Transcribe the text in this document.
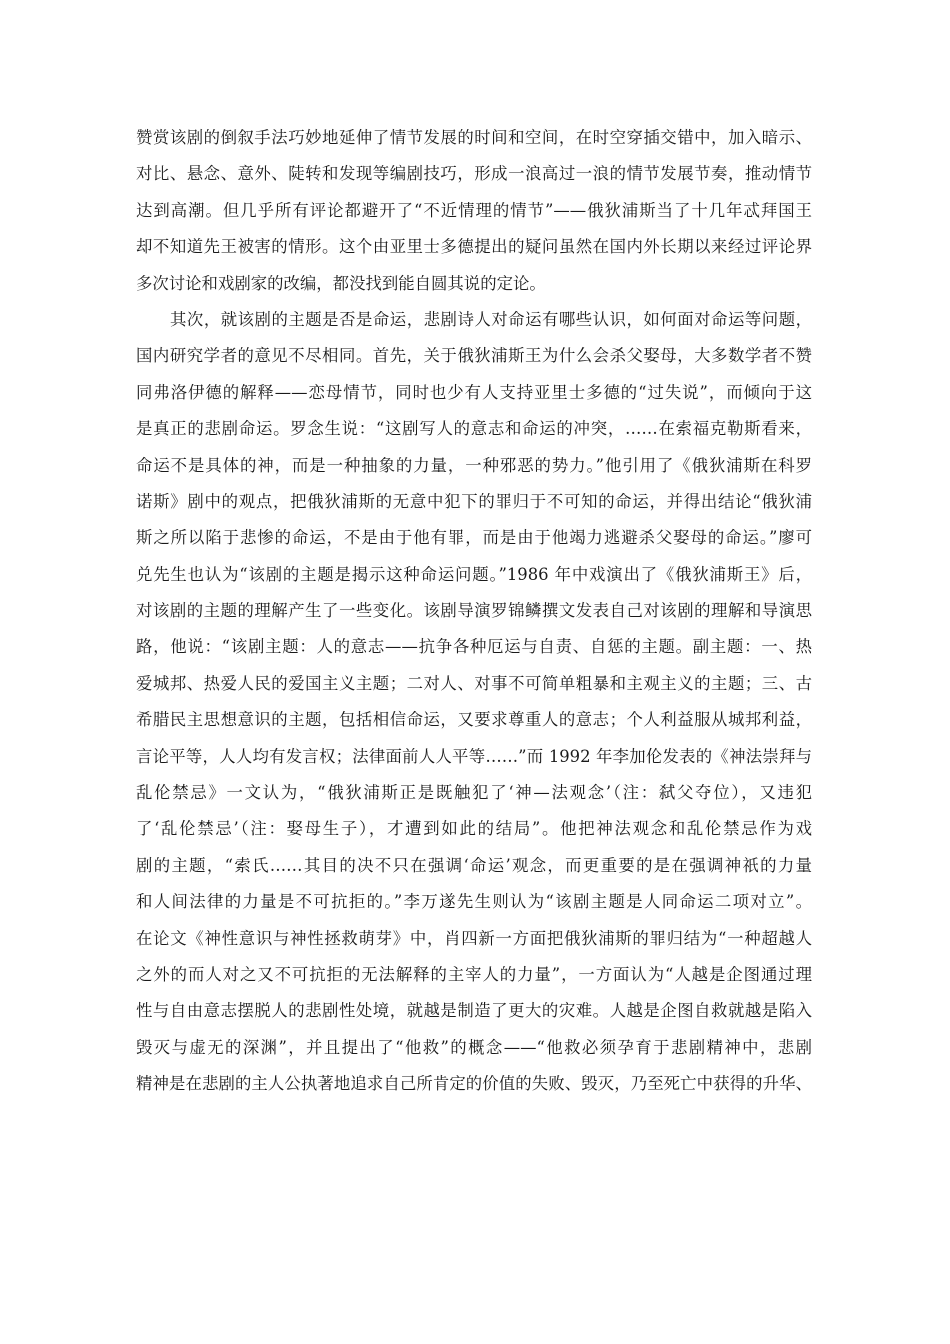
赞赏该剧的倒叙手法巧妙地延伸了情节发展的时间和空间，在时空穿插交错中，加入暗示、
对比、悬念、意外、陡转和发现等编剧技巧，形成一浪高过一浪的情节发展节奏，推动情节
达到高潮。但几乎所有评论都避开了“不近情理的情节”——俄狄浦斯当了十几年忒拜国王
却不知道先王被害的情形。这个由亚里士多德提出的疑问虽然在国内外长期以来经过评论界
多次讨论和戏剧家的改编，都没找到能自圆其说的定论。
其次，就该剧的主题是否是命运，悲剧诗人对命运有哪些认识，如何面对命运等问题，
国内研究学者的意见不尽相同。首先，关于俄狄浦斯王为什么会杀父娶母，大多数学者不赞
同弗洛伊德的解释——恋母情节，同时也少有人支持亚里士多德的“过失说”，而倾向于这
是真正的悲剧命运。罗念生说：“这剧写人的意志和命运的冲突，……在索福克勒斯看来，
命运不是具体的神，而是一种抽象的力量，一种邪恶的势力。”他引用了《俄狄浦斯在科罗
诺斯》剧中的观点，把俄狄浦斯的无意中犯下的罪归于不可知的命运，并得出结论“俄狄浦
斯之所以陷于悲惨的命运，不是由于他有罪，而是由于他竭力逃避杀父娶母的命运。”廖可
兑先生也认为“该剧的主题是揭示这种命运问题。”1986 年中戏演出了《俄狄浦斯王》后，
对该剧的主题的理解产生了一些变化。该剧导演罗锦鳞撰文发表自己对该剧的理解和导演思
路，他说：“该剧主题：人的意志——抗争各种厄运与自责、自惩的主题。副主题：一、热
爱城邦、热爱人民的爱国主义主题；二对人、对事不可简单粗暴和主观主义的主题；三、古
希腊民主思想意识的主题，包括相信命运，又要求尊重人的意志；个人利益服从城邦利益，
言论平等，人人均有发言权；法律面前人人平等……”而 1992 年李加伦发表的《神法崇拜与
乱伦禁忌》一文认为，“俄狄浦斯正是既触犯了‘神—法观念’（注：弑父夺位），又违犯
了‘乱伦禁忌’（注：娶母生子），才遭到如此的结局”。他把神法观念和乱伦禁忌作为戏
剧的主题，“索氏……其目的决不只在强调‘命运’观念，而更重要的是在强调神祇的力量
和人间法律的力量是不可抗拒的。”李万遂先生则认为“该剧主题是人同命运二项对立”。
在论文《神性意识与神性拯救萌芽》中，肖四新一方面把俄狄浦斯的罪归结为“一种超越人
之外的而人对之又不可抗拒的无法解释的主宰人的力量”，一方面认为“人越是企图通过理
性与自由意志摆脱人的悲剧性处境，就越是制造了更大的灾难。人越是企图自救就越是陷入
毁灭与虚无的深渊”，并且提出了“他救”的概念——“他救必须孕育于悲剧精神中，悲剧
精神是在悲剧的主人公执著地追求自己所肯定的价值的失败、毁灭，乃至死亡中获得的升华、
